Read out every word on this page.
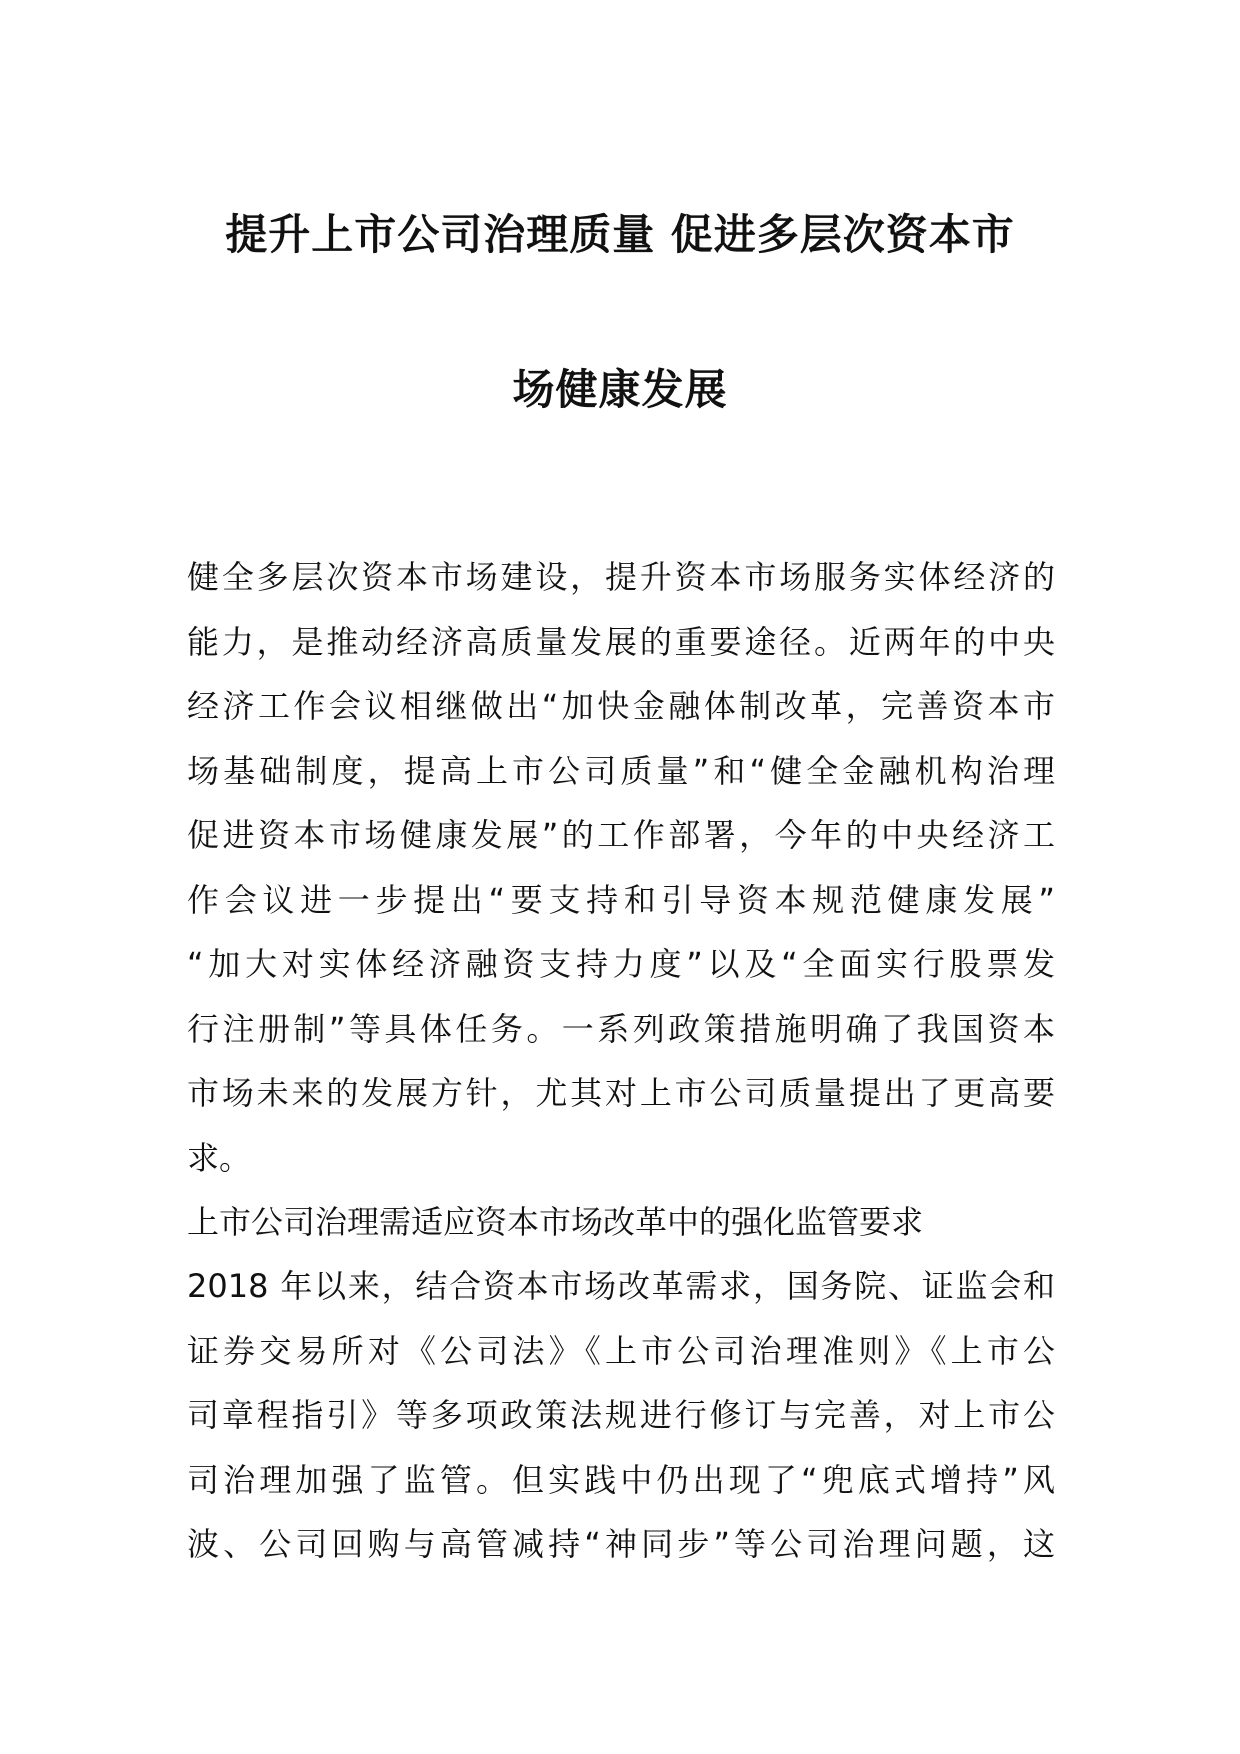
提升上市公司治理质量 促进多层次资本市
场健康发展
健全多层次资本市场建设，提升资本市场服务实体经济的
能力，是推动经济高质量发展的重要途径。近两年的中央
经济工作会议相继做出“加快金融体制改革，完善资本市
场基础制度，提高上市公司质量”和“健全金融机构治理
促进资本市场健康发展”的工作部署，今年的中央经济工
作会议进一步提出“要支持和引导资本规范健康发展”
“加大对实体经济融资支持力度”以及“全面实行股票发
行注册制”等具体任务。一系列政策措施明确了我国资本
市场未来的发展方针，尤其对上市公司质量提出了更高要
求。
上市公司治理需适应资本市场改革中的强化监管要求
2018 年以来，结合资本市场改革需求，国务院、证监会和
证券交易所对《公司法》《上市公司治理准则》《上市公
司章程指引》等多项政策法规进行修订与完善，对上市公
司治理加强了监管。但实践中仍出现了“兜底式增持”风
波、公司回购与高管减持“神同步”等公司治理问题，这
